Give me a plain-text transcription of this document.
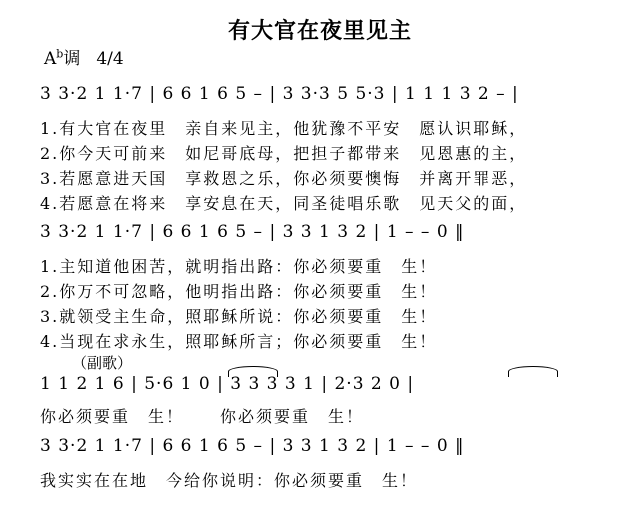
有大官在夜里见主
$A^b$调 4/4
3 3·2 1 1·7 | 6 6 1 6 5 – | 3 3·3 5 5·3 | 1 1 1 3 2 – |
1.有大官在夜里　亲自来见主，他犹豫不平安　愿认识耶稣，
2.你今天可前来　如尼哥底母，把担子都带来　见恩惠的主，
3.若愿意进天国　享救恩之乐，你必须要懊悔　并离开罪恶，
4.若愿意在将来　享安息在天，同圣徒唱乐歌　见天父的面，
3 3·2 1 1·7 | 6 6 1 6 5 – | 3 3 1 3 2 | 1 – – 0 ‖
1.主知道他困苦，就明指出路：你必须要重　生！
2.你万不可忽略，他明指出路：你必须要重　生！
3.就领受主生命，照耶稣所说：你必须要重　生！
4.当现在求永生，照耶稣所言；你必须要重　生！
（副歌）
1 1 2 1 6 | 5·6 1 0 | 3 3 3 3 1 | 2·3 2 0 |
你必须要重　生！　　你必须要重　生！
3 3·2 1 1·7 | 6 6 1 6 5 – | 3 3 1 3 2 | 1 – – 0 ‖
我实实在在地　今给你说明：你必须要重　生！
